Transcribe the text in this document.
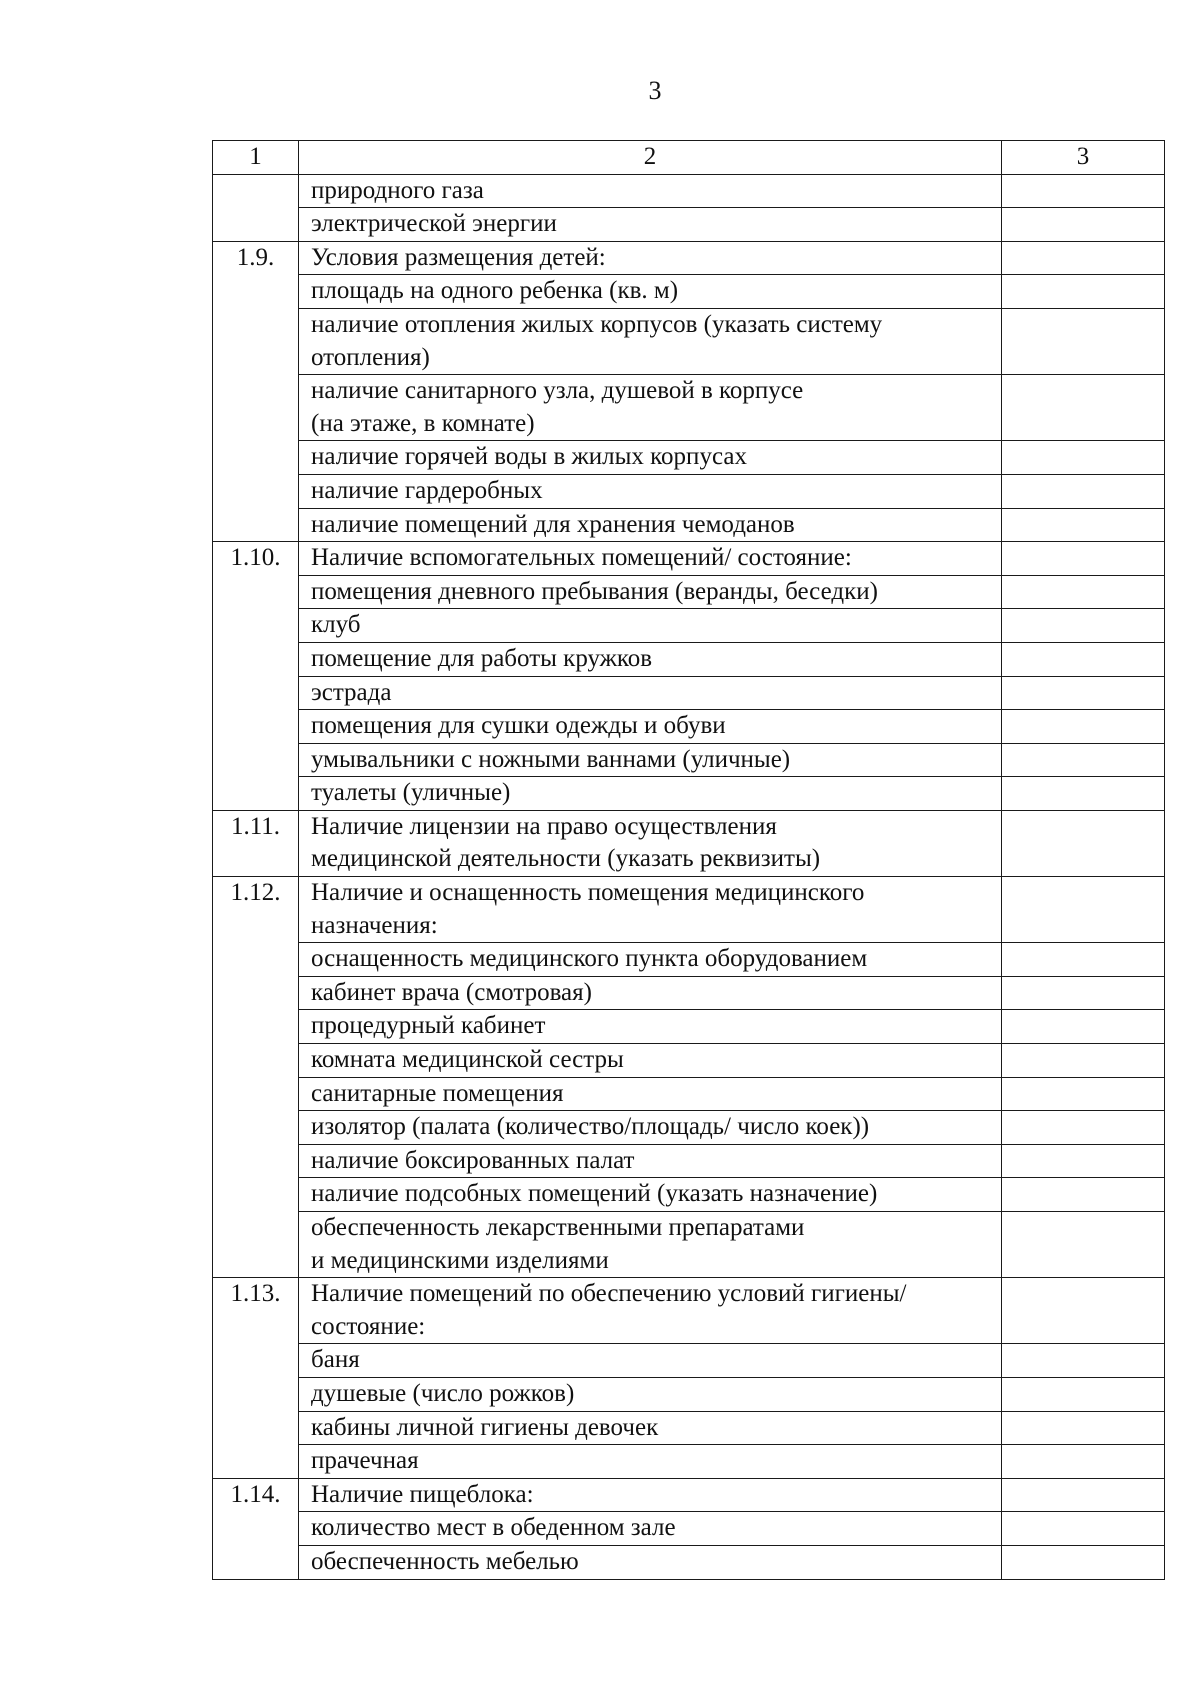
3
1	2	3
	природного газа	
	электрической энергии	
1.9.	Условия размещения детей:	
	площадь на одного ребенка (кв. м)	
	наличие отопления жилых корпусов (указать систему
отопления)	
	наличие санитарного узла, душевой в корпусе
(на этаже, в комнате)	
	наличие горячей воды в жилых корпусах	
	наличие гардеробных	
	наличие помещений для хранения чемоданов	
1.10.	Наличие вспомогательных помещений/ состояние:	
	помещения дневного пребывания (веранды, беседки)	
	клуб	
	помещение для работы кружков	
	эстрада	
	помещения для сушки одежды и обуви	
	умывальники с ножными ваннами (уличные)	
	туалеты (уличные)	
1.11.	Наличие лицензии на право осуществления
медицинской деятельности (указать реквизиты)	
1.12.	Наличие и оснащенность помещения медицинского
назначения:	
	оснащенность медицинского пункта оборудованием	
	кабинет врача (смотровая)	
	процедурный кабинет	
	комната медицинской сестры	
	санитарные помещения	
	изолятор (палата (количество/площадь/ число коек))	
	наличие боксированных палат	
	наличие подсобных помещений (указать назначение)	
	обеспеченность лекарственными препаратами
и медицинскими изделиями	
1.13.	Наличие помещений по обеспечению условий гигиены/
состояние:	
	баня	
	душевые (число рожков)	
	кабины личной гигиены девочек	
	прачечная	
1.14.	Наличие пищеблока:	
	количество мест в обеденном зале	
	обеспеченность мебелью	
